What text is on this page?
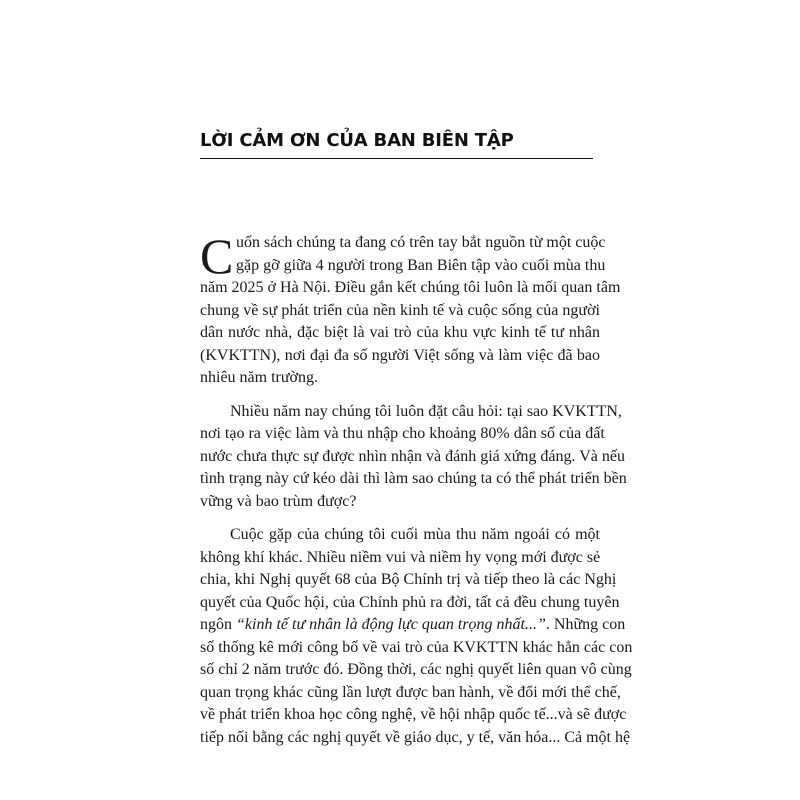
LỜI CẢM ƠN CỦA BAN BIÊN TẬP
C uốn sách chúng ta đang có trên tay bắt nguồn từ một cuộc
gặp gỡ giữa 4 người trong Ban Biên tập vào cuối mùa thu
năm 2025 ở Hà Nội. Điều gắn kết chúng tôi luôn là mối quan tâm
chung về sự phát triển của nền kinh tế và cuộc sống của người
dân nước nhà, đặc biệt là vai trò của khu vực kinh tế tư nhân
(KVKTTN), nơi đại đa số người Việt sống và làm việc đã bao
nhiêu năm trường.
Nhiều năm nay chúng tôi luôn đặt câu hỏi: tại sao KVKTTN,
nơi tạo ra việc làm và thu nhập cho khoảng 80% dân số của đất
nước chưa thực sự được nhìn nhận và đánh giá xứng đáng. Và nếu
tình trạng này cứ kéo dài thì làm sao chúng ta có thể phát triển bền
vững và bao trùm được?
Cuộc gặp của chúng tôi cuối mùa thu năm ngoái có một
không khí khác. Nhiều niềm vui và niềm hy vọng mới được sẻ
chia, khi Nghị quyết 68 của Bộ Chính trị và tiếp theo là các Nghị
quyết của Quốc hội, của Chính phủ ra đời, tất cả đều chung tuyên
ngôn “kinh tế tư nhân là động lực quan trọng nhất...”. Những con
số thống kê mới công bố về vai trò của KVKTTN khác hẳn các con
số chỉ 2 năm trước đó. Đồng thời, các nghị quyết liên quan vô cùng
quan trọng khác cũng lần lượt được ban hành, về đổi mới thể chế,
về phát triển khoa học công nghệ, về hội nhập quốc tế...và sẽ được
tiếp nối bằng các nghị quyết về giáo dục, y tế, văn hóa... Cả một hệ
